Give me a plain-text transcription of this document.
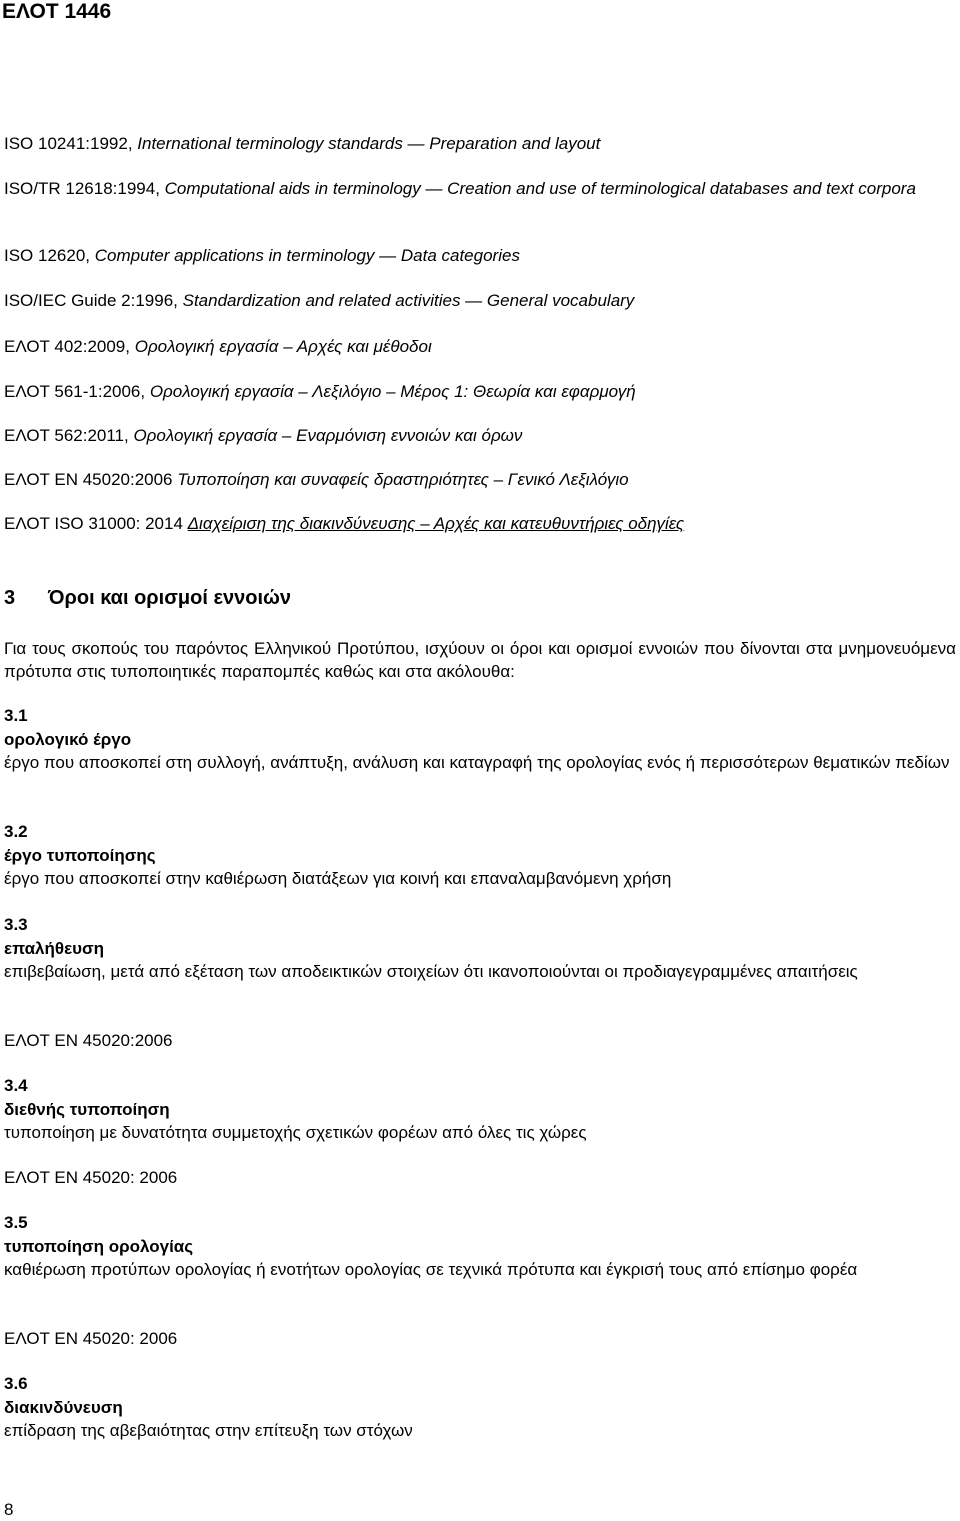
ΕΛΟΤ 1446

ISO 10241:1992, International terminology standards — Preparation and layout

ISO/TR 12618:1994, Computational aids in terminology — Creation and use of terminological databases and text corpora

ISO 12620, Computer applications in terminology — Data categories

ISO/IEC Guide 2:1996, Standardization and related activities — General vocabulary

ΕΛΟΤ 402:2009, Ορολογική εργασία – Αρχές και μέθοδοι

ΕΛΟΤ 561-1:2006, Ορολογική εργασία – Λεξιλόγιο – Μέρος 1: Θεωρία και εφαρμογή

ΕΛΟΤ 562:2011, Ορολογική εργασία – Εναρμόνιση εννοιών και όρων

ΕΛΟΤ ΕΝ 45020:2006 Τυποποίηση και συναφείς δραστηριότητες – Γενικό Λεξιλόγιο

ΕΛΟΤ ISO 31000: 2014 Διαχείριση της διακινδύνευσης – Αρχές και κατευθυντήριες οδηγίες

3 Όροι και ορισμοί εννοιών

Για τους σκοπούς του παρόντος Ελληνικού Προτύπου, ισχύουν οι όροι και ορισμοί εννοιών που δίνονται στα μνημονευόμενα πρότυπα στις τυποποιητικές παραπομπές καθώς και στα ακόλουθα:

3.1
ορολογικό έργο

έργο που αποσκοπεί στη συλλογή, ανάπτυξη, ανάλυση και καταγραφή της ορολογίας ενός ή περισσότερων θεματικών πεδίων

3.2
έργο τυποποίησης

έργο που αποσκοπεί στην καθιέρωση διατάξεων για κοινή και επαναλαμβανόμενη χρήση

3.3
επαλήθευση

επιβεβαίωση, μετά από εξέταση των αποδεικτικών στοιχείων ότι ικανοποιούνται οι προδιαγεγραμμένες απαιτήσεις

ΕΛΟΤ ΕΝ 45020:2006
3.4
διεθνής τυποποίηση

τυποποίηση με δυνατότητα συμμετοχής σχετικών φορέων από όλες τις χώρες

ΕΛΟΤ ΕΝ 45020: 2006
3.5
τυποποίηση ορολογίας

καθιέρωση προτύπων ορολογίας ή ενοτήτων ορολογίας σε τεχνικά πρότυπα και έγκρισή τους από επίσημο φορέα

ΕΛΟΤ ΕΝ 45020: 2006
3.6
διακινδύνευση

επίδραση της αβεβαιότητας στην επίτευξη των στόχων

8
